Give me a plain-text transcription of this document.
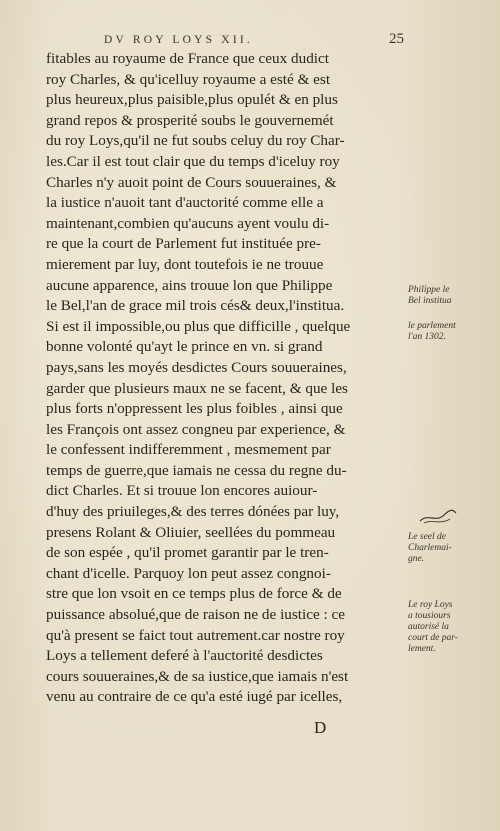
DV ROY LOYS XII.	25
fitables au royaume de France que ceux dudict
roy Charles, & qu'icelluy royaume a esté & est
plus heureux,plus paisible,plus opulét & en plus
grand repos & prosperité soubs le gouvernemét
du roy Loys,qu'il ne fut soubs celuy du roy Char-
les.Car il est tout clair que du temps d'iceluy roy
Charles n'y auoit point de Cours souueraines, &
la iustice n'auoit tant d'auctorité comme elle a
maintenant,combien qu'aucuns ayent voulu di-
re que la court de Parlement fut instituée pre-
mierement par luy, dont toutefois ie ne trouue
aucune apparence, ains trouue lon que Philippe
le Bel,l'an de grace mil trois cés& deux,l'institua.
Si est il impossible,ou plus que difficille , quelque
bonne volonté qu'ayt le prince en vn. si grand
pays,sans les moyés desdictes Cours souueraines,
garder que plusieurs maux ne se facent, & que les
plus forts n'oppressent les plus foibles , ainsi que
les François ont assez congneu par experience, &
le confessent indifferemment , mesmement par
temps de guerre,que iamais ne cessa du regne du-
dict Charles. Et si trouue lon encores auiour-
d'huy des priuileges,& des terres dónées par luy,
presens Rolant & Oliuier, seellées du pommeau
de son espée , qu'il promet garantir par le tren-
chant d'icelle. Parquoy lon peut assez congnoi-
stre que lon vsoit en ce temps plus de force & de
puissance absolué,que de raison ne de iustice : ce
qu'à present se faict tout autrement.car nostre roy
Loys a tellement deferé à l'auctorité desdictes
cours souueraines,& de sa iustice,que iamais n'est
venu au contraire de ce qu'a esté iugé par icelles,
Philippe le
Bel institua
le parlement
l'an 1302.
Le seel de
Charlemai-
gne.
Le roy Loys
a tousiours
autorisé la
court de par-
lement.
D
